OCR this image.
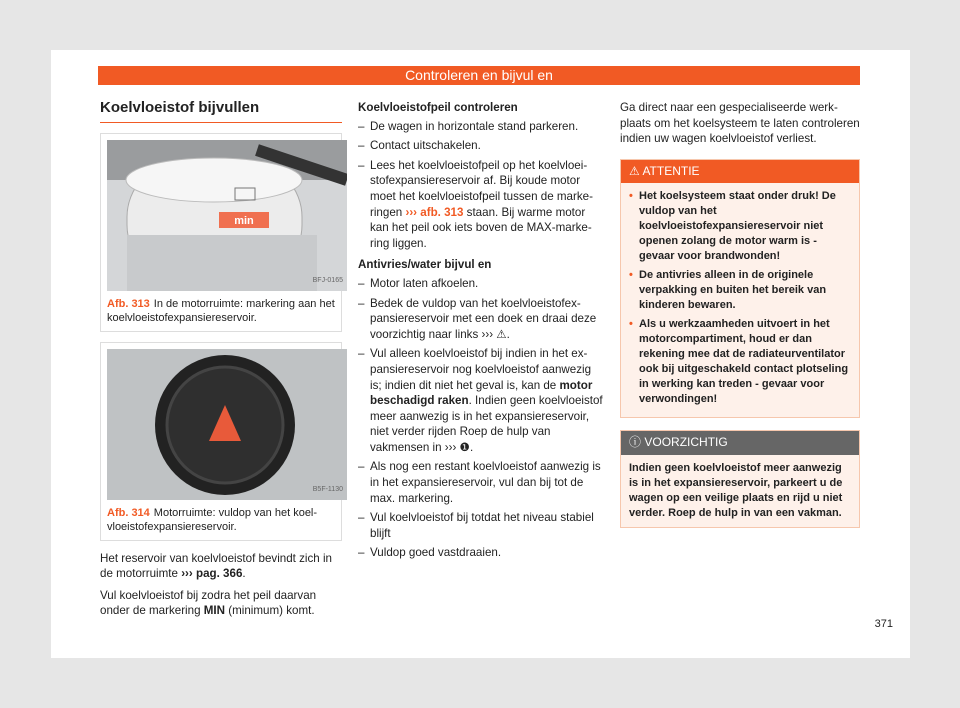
Controleren en bijvul en
Koelvloeistof bijvullen
min
BFJ-0165
Afb. 313 In de motorruimte: markering aan het koelvloeistofexpansiereservoir.
B5F-1130
Afb. 314 Motorruimte: vuldop van het koelvloeistofexpansiereservoir.

Het reservoir van koelvloeistof bevindt zich in de motorruimte ››› pag. 366.

Vul koelvloeistof bij zodra het peil daarvan onder de markering MIN (minimum) komt.

Koelvloeistofpeil controleren
– De wagen in horizontale stand parkeren.
– Contact uitschakelen.
– Lees het koelvloeistofpeil op het koelvloeistofexpansiereservoir af. Bij koude motor moet het koelvloeistofpeil tussen de markeringen ››› afb. 313 staan. Bij warme motor kan het peil ook iets boven de MAX-markering liggen.
Antivries/water bijvul en
– Motor laten afkoelen.
– Bedek de vuldop van het koelvloeistofexpansiereservoir met een doek en draai deze voorzichtig naar links ››› ⚠.
– Vul alleen koelvloeistof bij indien in het expansiereservoir nog koelvloeistof aanwezig is; indien dit niet het geval is, kan de motor beschadigd raken. Indien geen koelvloeistof meer aanwezig is in het expansiereservoir, niet verder rijden Roep de hulp van vakmensen in ››› ❶.
– Als nog een restant koelvloeistof aanwezig is in het expansiereservoir, vul dan bij tot de max. markering.
– Vul koelvloeistof bij totdat het niveau stabiel blijft
– Vuldop goed vastdraaien.

Ga direct naar een gespecialiseerde werkplaats om het koelsysteem te laten controleren indien uw wagen koelvloeistof verliest.

⚠ ATTENTIE
• Het koelsysteem staat onder druk! De vuldop van het koelvloeistofexpansiereservoir niet openen zolang de motor warm is - gevaar voor brandwonden!
• De antivries alleen in de originele verpakking en buiten het bereik van kinderen bewaren.
• Als u werkzaamheden uitvoert in het motorcompartiment, houd er dan rekening mee dat de radiateurventilator ook bij uitgeschakeld contact plotseling in werking kan treden - gevaar voor verwondingen!
ⓘ VOORZICHTIG
Indien geen koelvloeistof meer aanwezig is in het expansiereservoir, parkeert u de wagen op een veilige plaats en rijd u niet verder. Roep de hulp in van een vakman.
371
